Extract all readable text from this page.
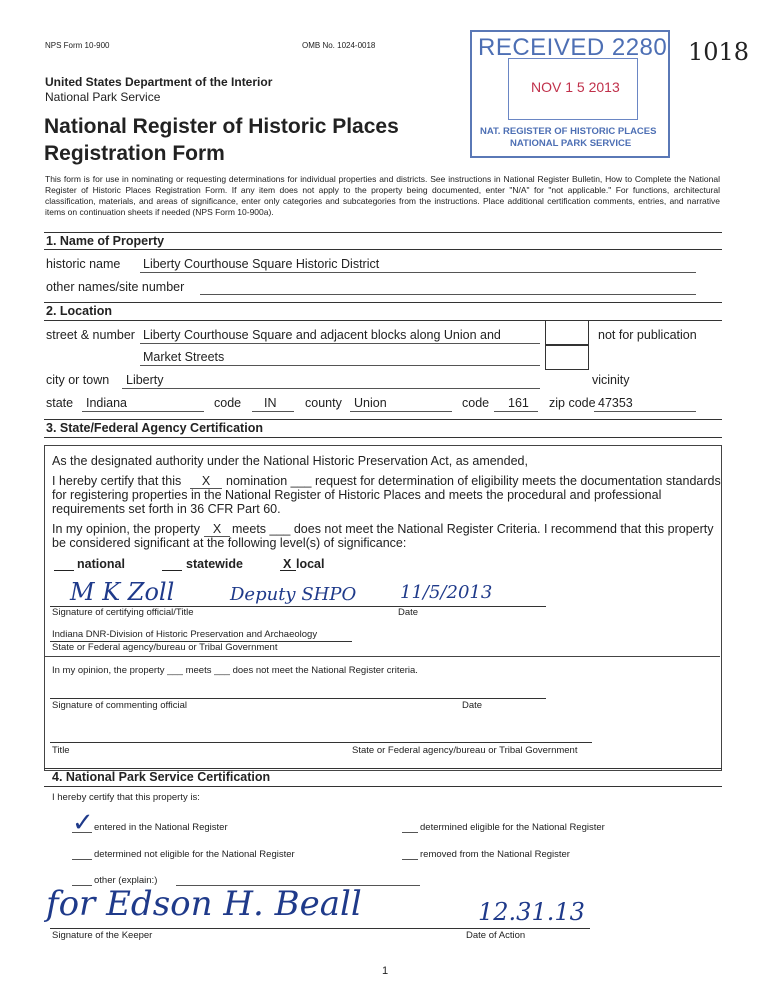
NPS Form 10-900	OMB No. 1024-0018
United States Department of the Interior
National Park Service
National Register of Historic Places
Registration Form
1018
RECEIVED 2280
NOV 1 5 2013
NAT. REGISTER OF HISTORIC PLACES
NATIONAL PARK SERVICE
This form is for use in nominating or requesting determinations for individual properties and districts. See instructions in National Register Bulletin, How to Complete the National Register of Historic Places Registration Form. If any item does not apply to the property being documented, enter "N/A" for "not applicable." For functions, architectural classification, materials, and areas of significance, enter only categories and subcategories from the instructions. Place additional certification comments, entries, and narrative items on continuation sheets if needed (NPS Form 10-900a).
1. Name of Property
historic name Liberty Courthouse Square Historic District
other names/site number
2. Location
street & number Liberty Courthouse Square and adjacent blocks along Union and
Market Streets
not for publication
city or town Liberty	vicinity
state Indiana	code IN county Union	code 161 zip code 47353
3. State/Federal Agency Certification
As the designated authority under the National Historic Preservation Act, as amended,
I hereby certify that this	X	nomination ___ request for determination of eligibility meets the documentation standards
for registering properties in the National Register of Historic Places and meets the procedural and professional
requirements set forth in 36 CFR Part 60.
In my opinion, the property	X meets ___ does not meet the National Register Criteria. I recommend that this property
be considered significant at the following level(s) of significance:
national	statewide	X local
M K Zoll	Deputy SHPO 11/5/2013
Signature of certifying official/Title	Date
Indiana DNR-Division of Historic Preservation and Archaeology
State or Federal agency/bureau or Tribal Government
In my opinion, the property ___ meets ___ does not meet the National Register criteria.
Signature of commenting official	Date
Title	State or Federal agency/bureau or Tribal Government
4. National Park Service Certification
I hereby certify that this property is:
✓ entered in the National Register	determined eligible for the National Register
determined not eligible for the National Register	removed from the National Register
other (explain:)
for Edson H. Beall	12.31.13
Signature of the Keeper	Date of Action
1
